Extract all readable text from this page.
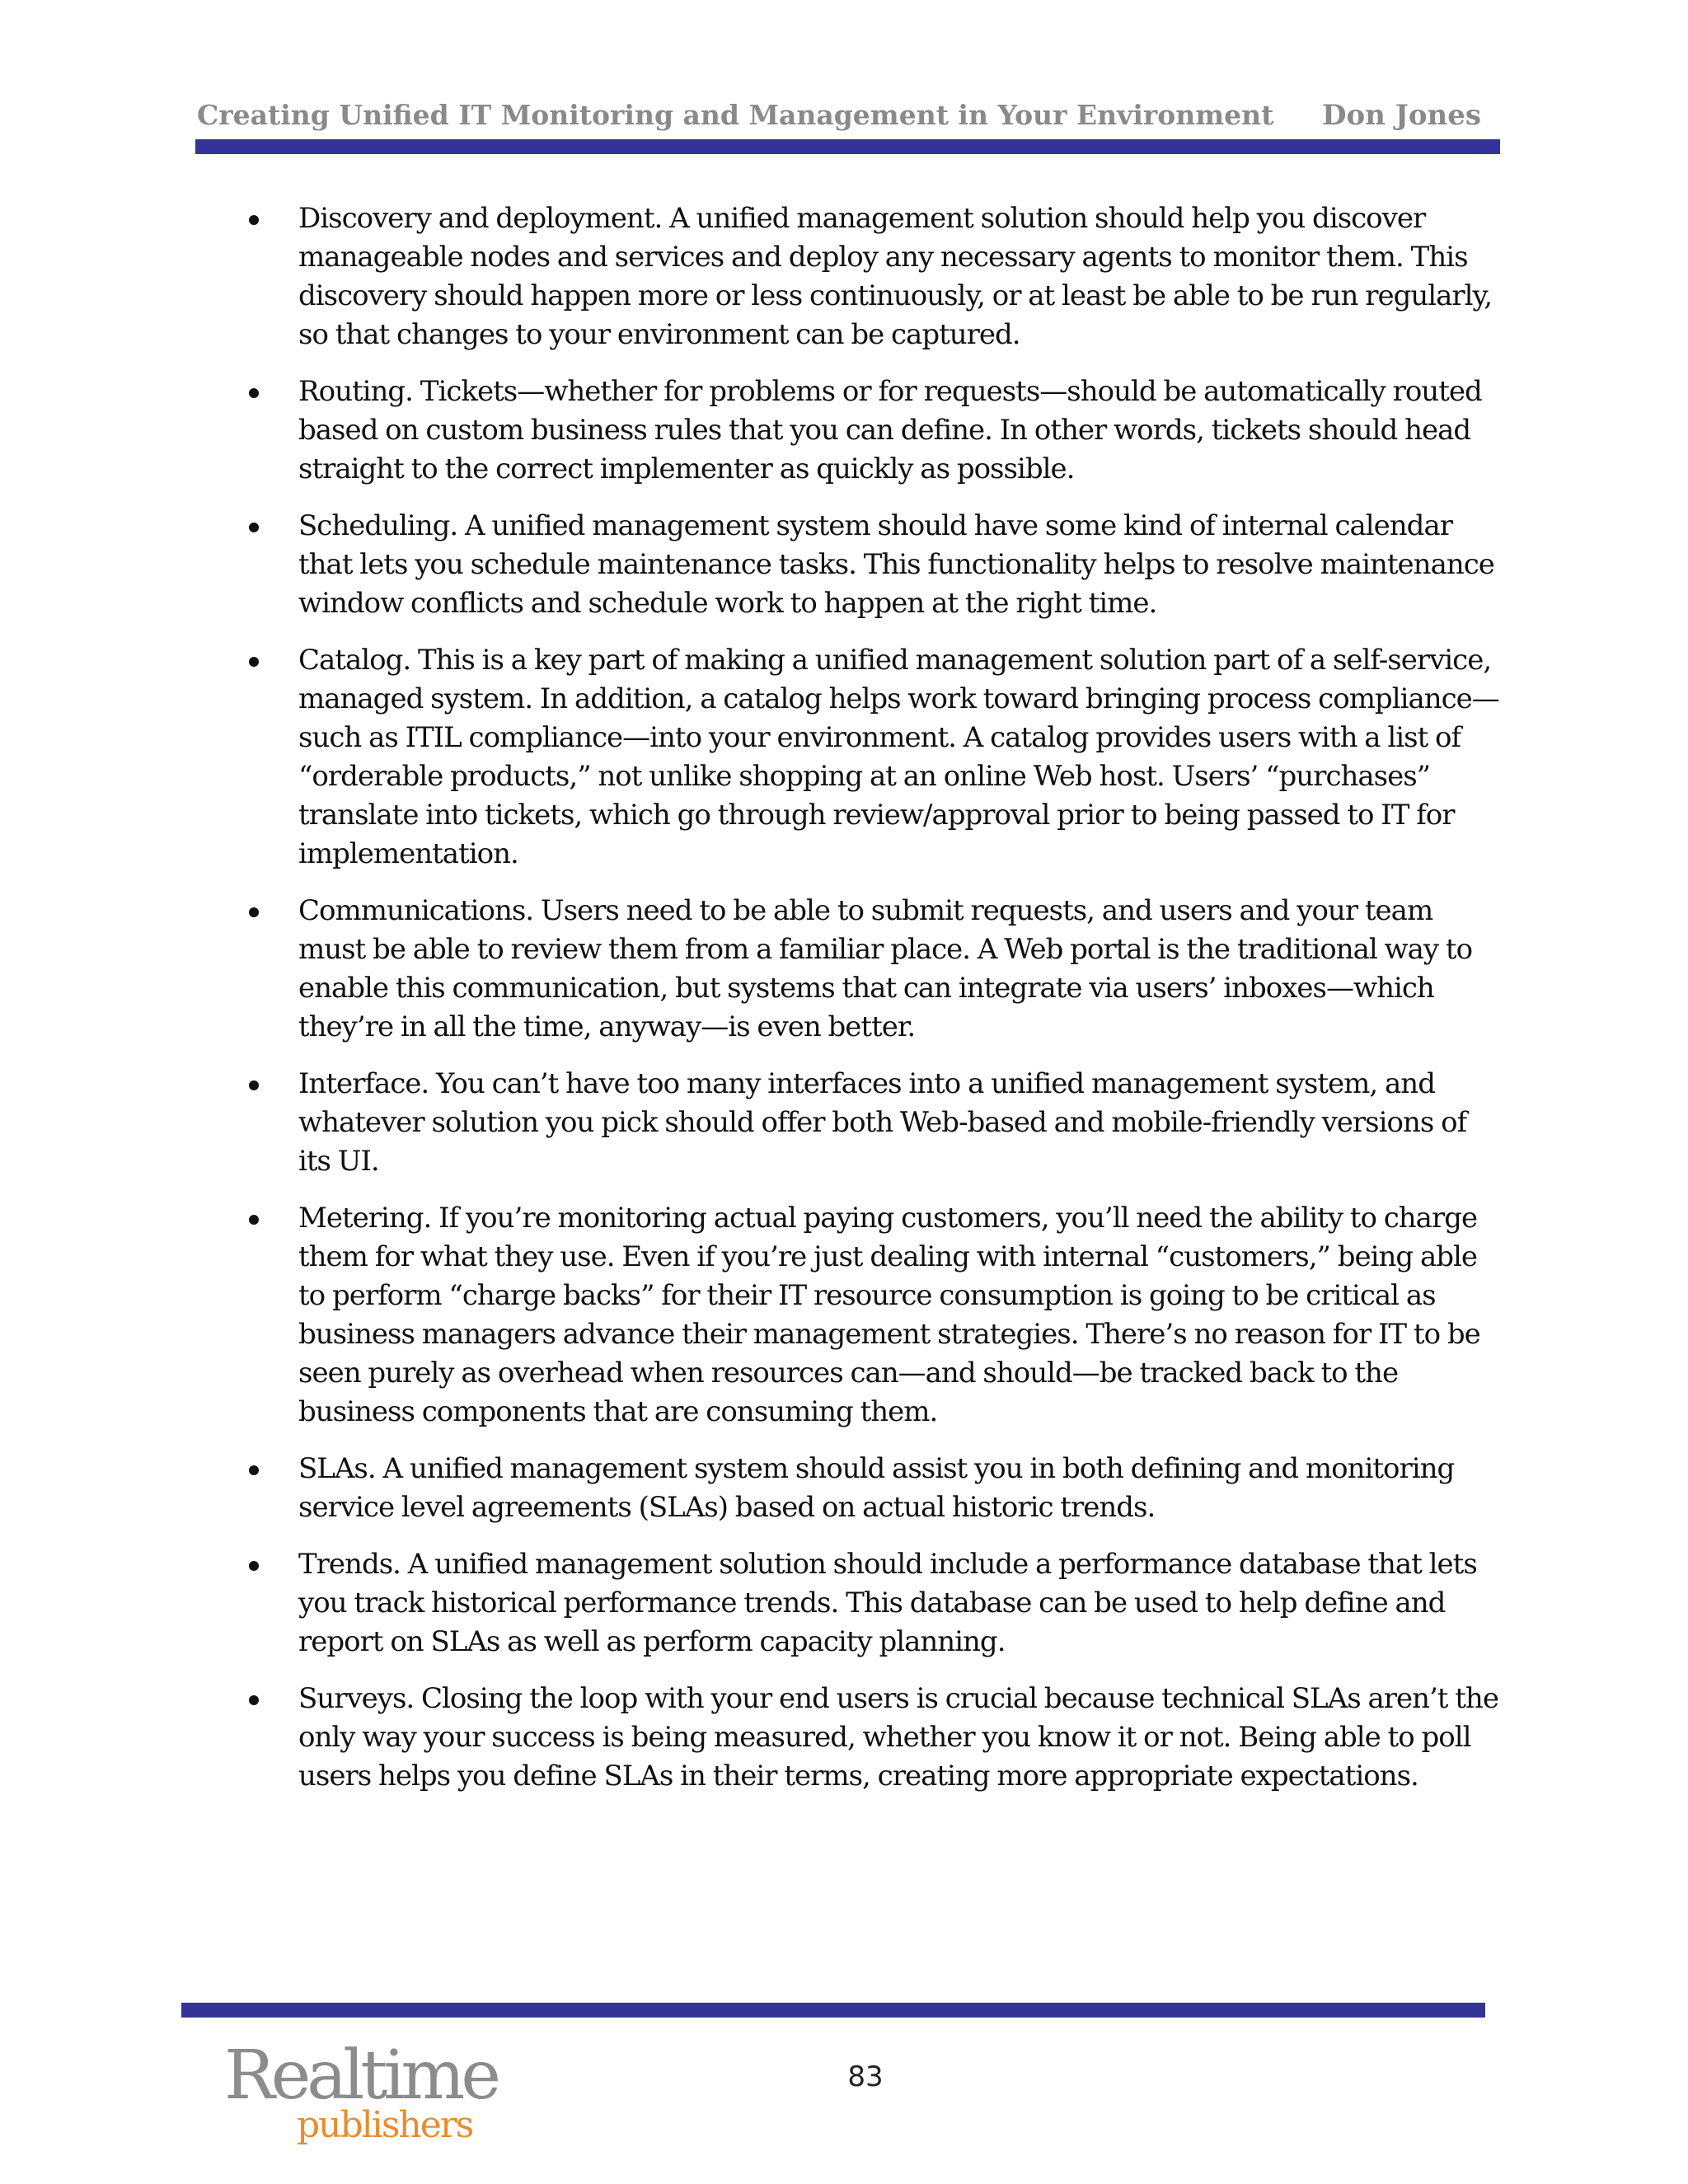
Creating Unified IT Monitoring and Management in Your Environment Don Jones
Discovery and deployment. A unified management solution should help you discover manageable nodes and services and deploy any necessary agents to monitor them. This discovery should happen more or less continuously, or at least be able to be run regularly, so that changes to your environment can be captured.
Routing. Tickets—whether for problems or for requests—should be automatically routed based on custom business rules that you can define. In other words, tickets should head straight to the correct implementer as quickly as possible.
Scheduling. A unified management system should have some kind of internal calendar that lets you schedule maintenance tasks. This functionality helps to resolve maintenance window conflicts and schedule work to happen at the right time.
Catalog. This is a key part of making a unified management solution part of a self-service, managed system. In addition, a catalog helps work toward bringing process compliance—such as ITIL compliance—into your environment. A catalog provides users with a list of “orderable products,” not unlike shopping at an online Web host. Users’ “purchases” translate into tickets, which go through review/approval prior to being passed to IT for implementation.
Communications. Users need to be able to submit requests, and users and your team must be able to review them from a familiar place. A Web portal is the traditional way to enable this communication, but systems that can integrate via users’ inboxes—which they’re in all the time, anyway—is even better.
Interface. You can’t have too many interfaces into a unified management system, and whatever solution you pick should offer both Web-based and mobile-friendly versions of its UI.
Metering. If you’re monitoring actual paying customers, you’ll need the ability to charge them for what they use. Even if you’re just dealing with internal “customers,” being able to perform “charge backs” for their IT resource consumption is going to be critical as business managers advance their management strategies. There’s no reason for IT to be seen purely as overhead when resources can—and should—be tracked back to the business components that are consuming them.
SLAs. A unified management system should assist you in both defining and monitoring service level agreements (SLAs) based on actual historic trends.
Trends. A unified management solution should include a performance database that lets you track historical performance trends. This database can be used to help define and report on SLAs as well as perform capacity planning.
Surveys. Closing the loop with your end users is crucial because technical SLAs aren’t the only way your success is being measured, whether you know it or not. Being able to poll users helps you define SLAs in their terms, creating more appropriate expectations.
Realtime
publishers
83
